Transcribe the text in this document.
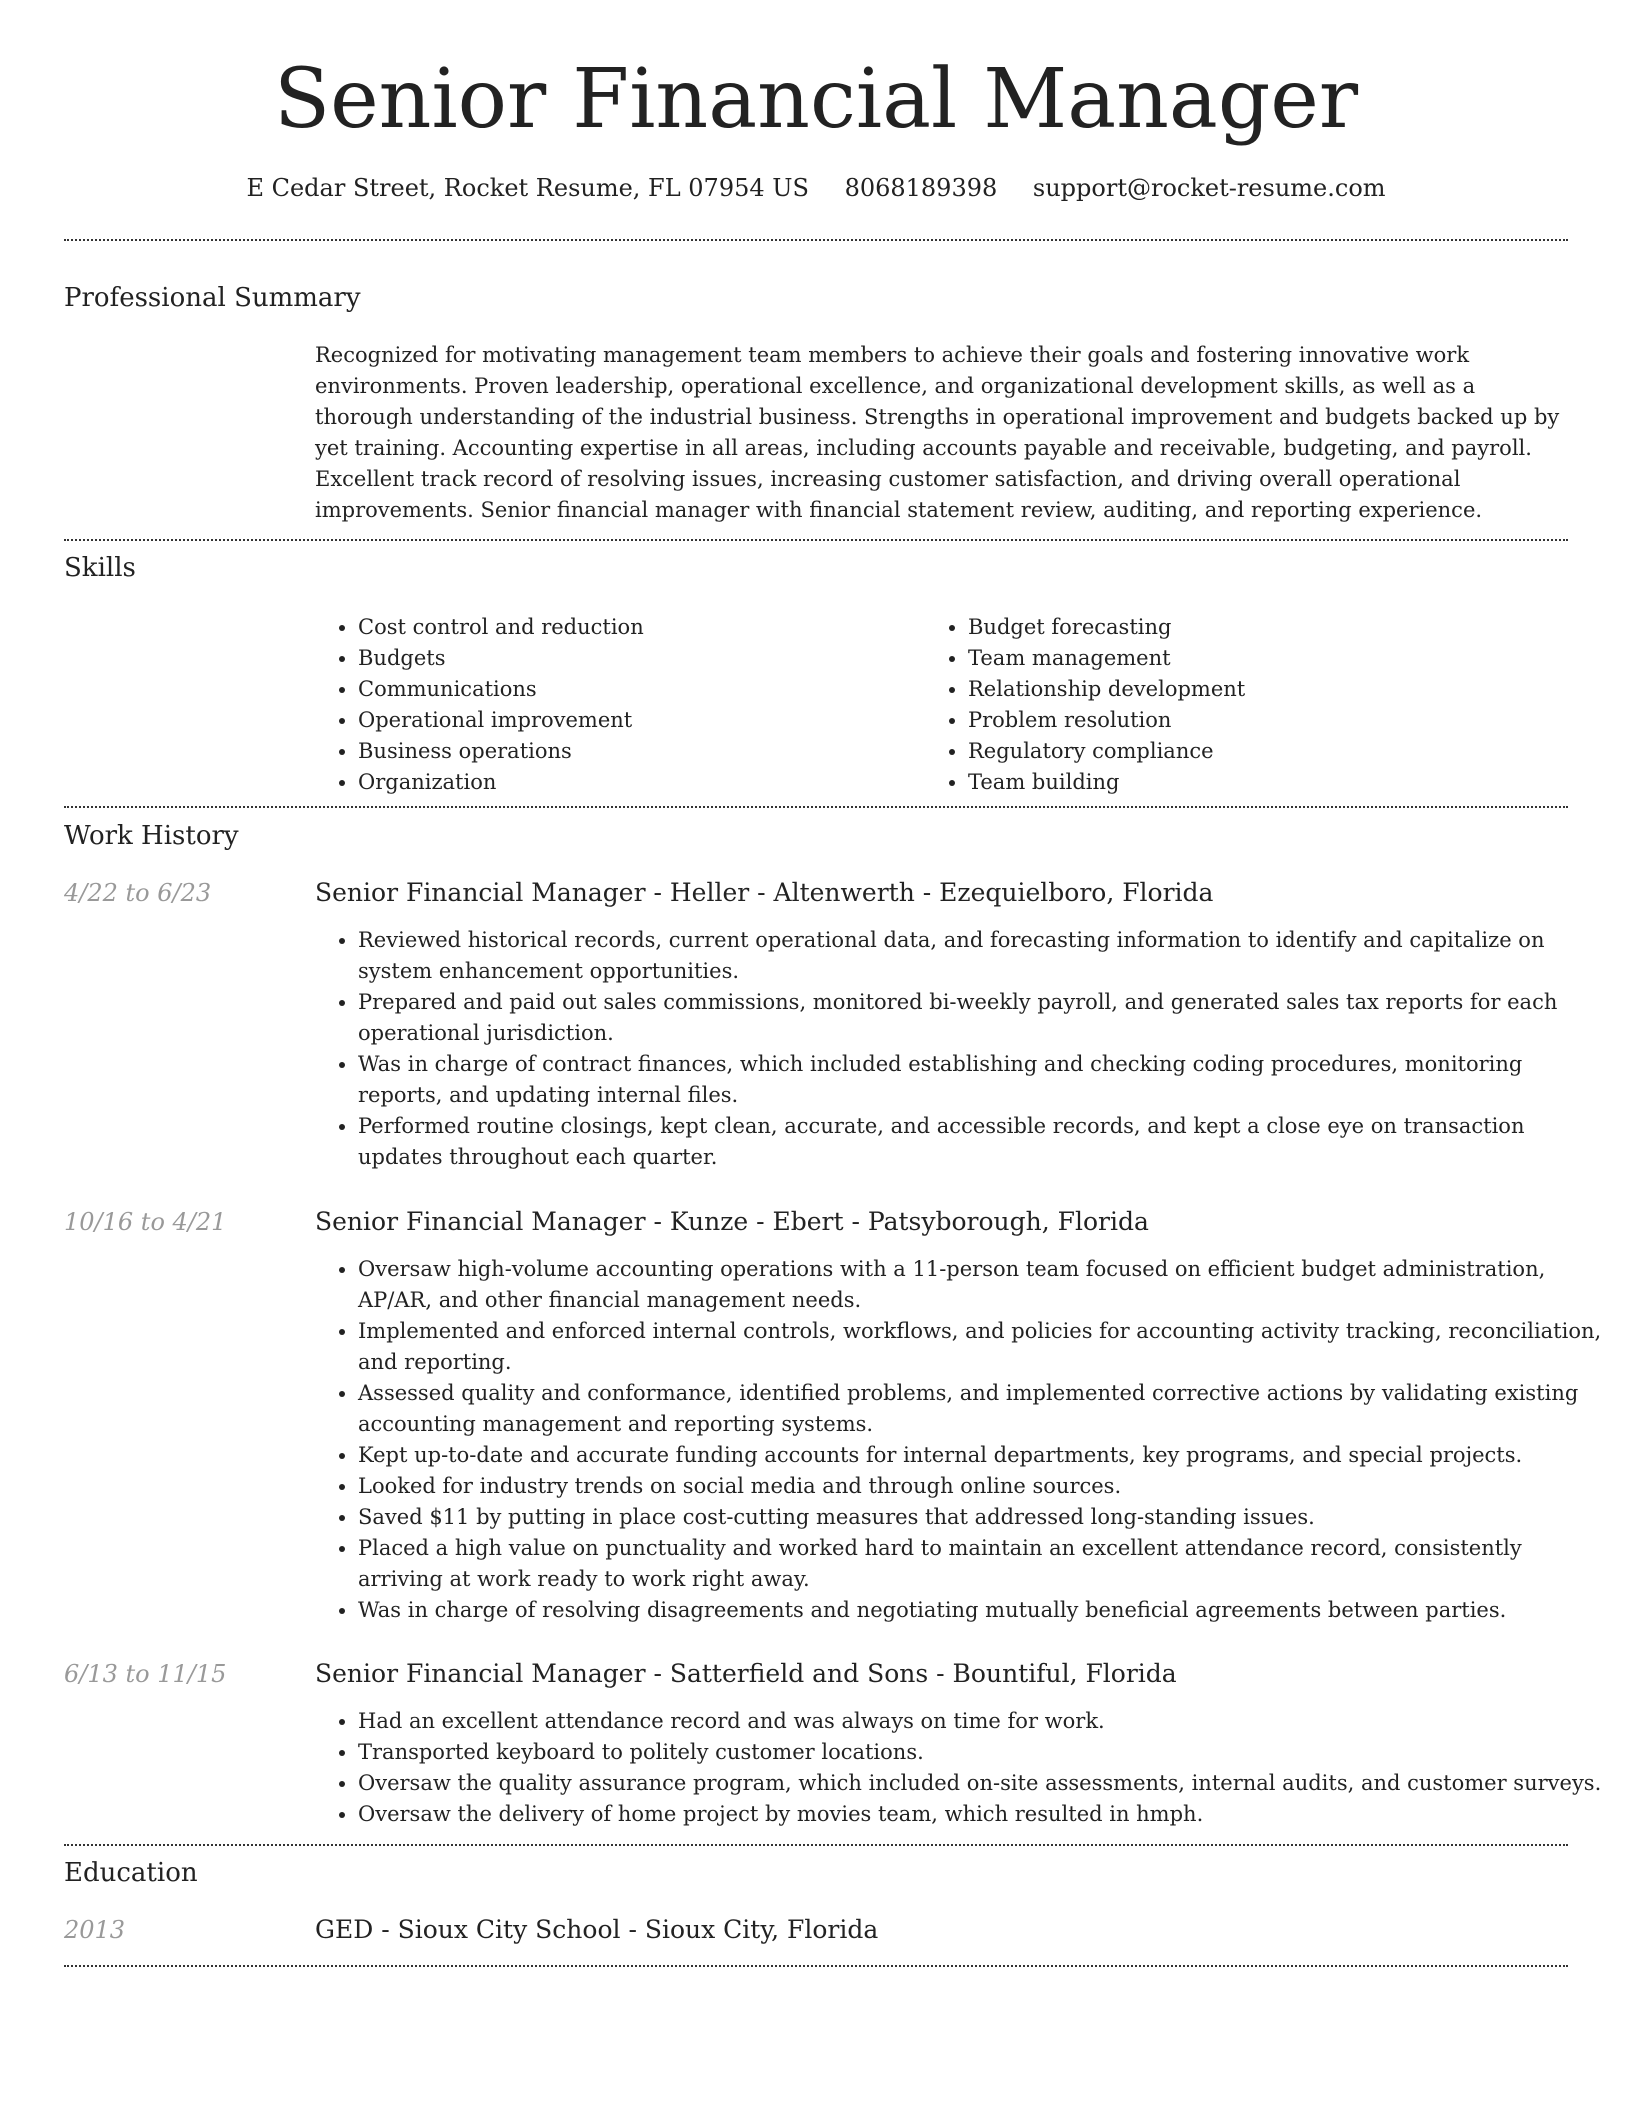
Senior Financial Manager
E Cedar Street, Rocket Resume, FL 07954 US 8068189398 support@rocket-resume.com
Professional Summary

Recognized for motivating management team members to achieve their goals and fostering innovative work environments. Proven leadership, operational excellence, and organizational development skills, as well as a thorough understanding of the industrial business. Strengths in operational improvement and budgets backed up by yet training. Accounting expertise in all areas, including accounts payable and receivable, budgeting, and payroll. Excellent track record of resolving issues, increasing customer satisfaction, and driving overall operational improvements. Senior financial manager with financial statement review, auditing, and reporting experience.

Skills
• Cost control and reduction
• Budgets
• Communications
• Operational improvement
• Business operations
• Organization
• Budget forecasting
• Team management
• Relationship development
• Problem resolution
• Regulatory compliance
• Team building
Work History
4/22 to 6/23	Senior Financial Manager - Heller - Altenwerth - Ezequielboro, Florida
• Reviewed historical records, current operational data, and forecasting information to identify and capitalize on system enhancement opportunities.
• Prepared and paid out sales commissions, monitored bi-weekly payroll, and generated sales tax reports for each operational jurisdiction.
• Was in charge of contract finances, which included establishing and checking coding procedures, monitoring reports, and updating internal files.
• Performed routine closings, kept clean, accurate, and accessible records, and kept a close eye on transaction updates throughout each quarter.
10/16 to 4/21	Senior Financial Manager - Kunze - Ebert - Patsyborough, Florida
• Oversaw high-volume accounting operations with a 11-person team focused on efficient budget administration, AP/AR, and other financial management needs.
• Implemented and enforced internal controls, workflows, and policies for accounting activity tracking, reconciliation, and reporting.
• Assessed quality and conformance, identified problems, and implemented corrective actions by validating existing accounting management and reporting systems.
• Kept up-to-date and accurate funding accounts for internal departments, key programs, and special projects.
• Looked for industry trends on social media and through online sources.
• Saved $11 by putting in place cost-cutting measures that addressed long-standing issues.
• Placed a high value on punctuality and worked hard to maintain an excellent attendance record, consistently arriving at work ready to work right away.
• Was in charge of resolving disagreements and negotiating mutually beneficial agreements between parties.
6/13 to 11/15	Senior Financial Manager - Satterfield and Sons - Bountiful, Florida
• Had an excellent attendance record and was always on time for work.
• Transported keyboard to politely customer locations.
• Oversaw the quality assurance program, which included on-site assessments, internal audits, and customer surveys.
• Oversaw the delivery of home project by movies team, which resulted in hmph.
Education
2013	GED - Sioux City School - Sioux City, Florida
